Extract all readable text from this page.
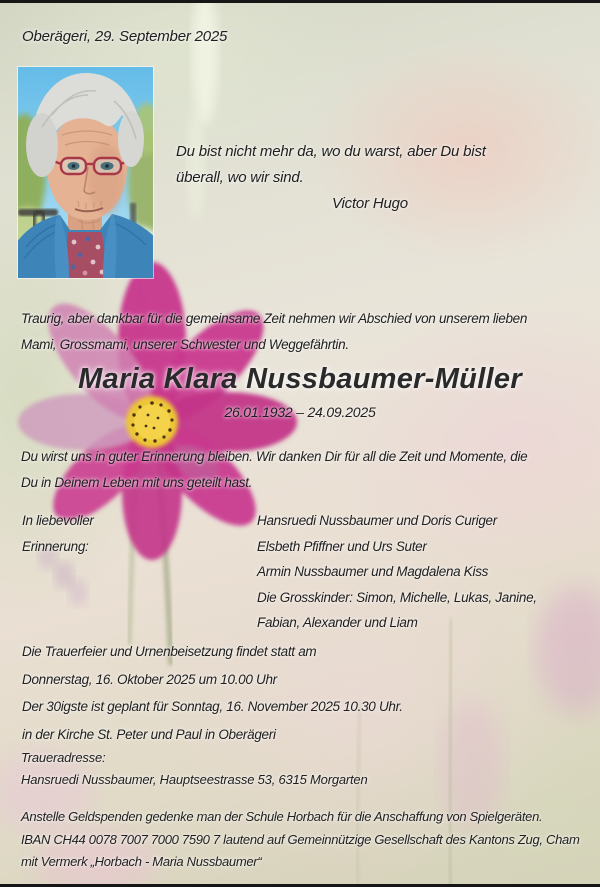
Oberägeri, 29. September 2025
Du bist nicht mehr da, wo du warst, aber Du bist
überall, wo wir sind.
Victor Hugo
Traurig, aber dankbar für die gemeinsame Zeit nehmen wir Abschied von unserem lieben
Mami, Grossmami, unserer Schwester und Weggefährtin.
Maria Klara Nussbaumer-Müller
26.01.1932 – 24.09.2025
Du wirst uns in guter Erinnerung bleiben. Wir danken Dir für all die Zeit und Momente, die
Du in Deinem Leben mit uns geteilt hast.
In liebevoller
Erinnerung:
Hansruedi Nussbaumer und Doris Curiger
Elsbeth Pfiffner und Urs Suter
Armin Nussbaumer und Magdalena Kiss
Die Grosskinder: Simon, Michelle, Lukas, Janine,
Fabian, Alexander und Liam
Die Trauerfeier und Urnenbeisetzung findet statt am
Donnerstag, 16. Oktober 2025 um 10.00 Uhr
Der 30igste ist geplant für Sonntag, 16. November 2025 10.30 Uhr.
in der Kirche St. Peter und Paul in Oberägeri
Traueradresse:
Hansruedi Nussbaumer, Hauptseestrasse 53, 6315 Morgarten
Anstelle Geldspenden gedenke man der Schule Horbach für die Anschaffung von Spielgeräten.
IBAN CH44 0078 7007 7000 7590 7 lautend auf Gemeinnützige Gesellschaft des Kantons Zug, Cham
mit Vermerk „Horbach - Maria Nussbaumer“
